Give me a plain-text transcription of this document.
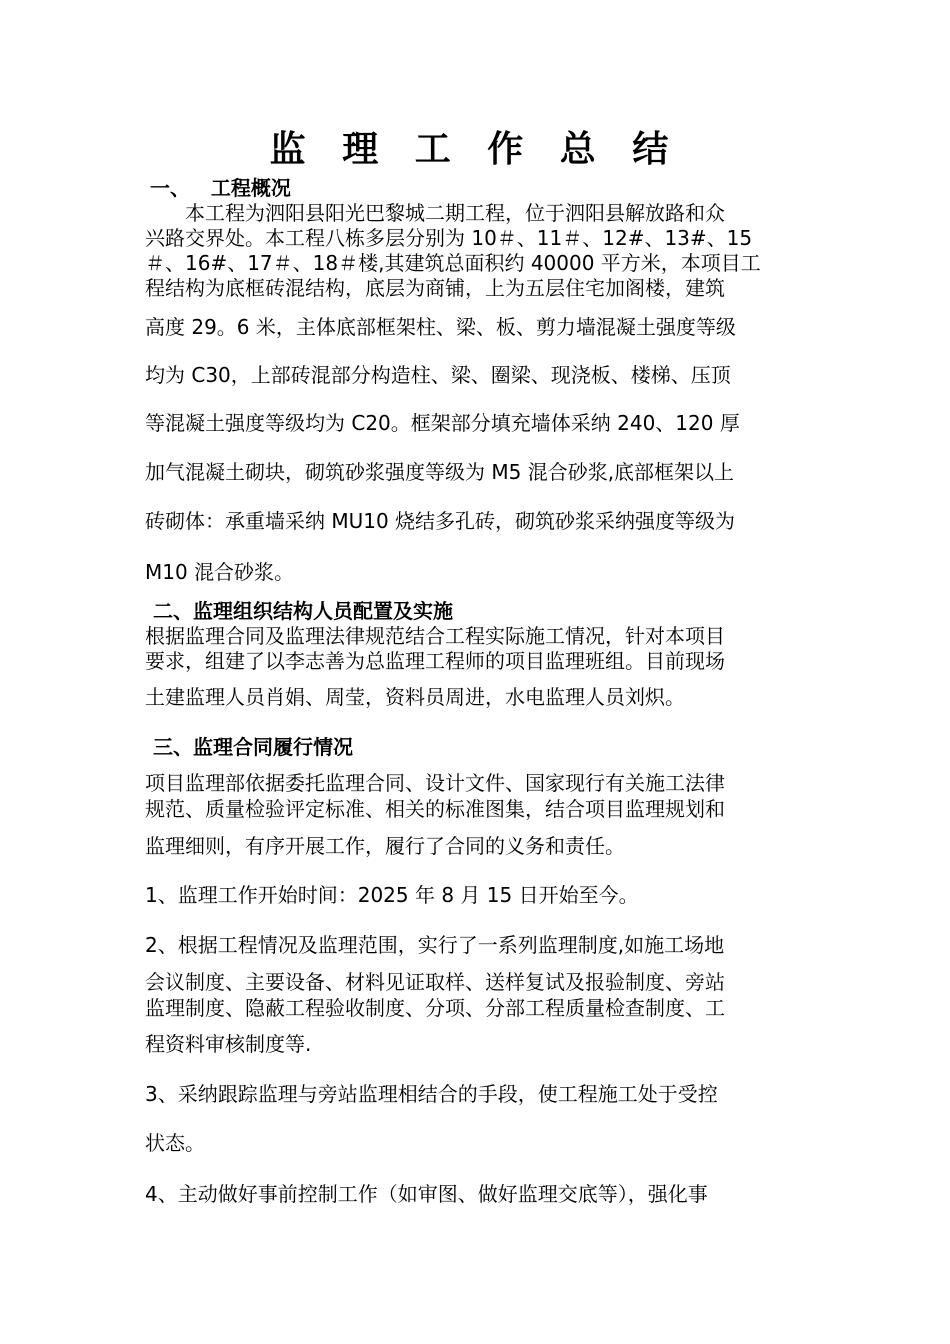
监 理 工 作 总 结
一、   工程概况
　　本工程为泗阳县阳光巴黎城二期工程，位于泗阳县解放路和众
兴路交界处。本工程八栋多层分别为 10＃、11＃、12#、13#、15
＃、16#、17＃、18＃楼,其建筑总面积约 40000 平方米，本项目工
程结构为底框砖混结构，底层为商铺，上为五层住宅加阁楼，建筑
高度 29。6 米，主体底部框架柱、梁、板、剪力墙混凝土强度等级
均为 C30，上部砖混部分构造柱、梁、圈梁、现浇板、楼梯、压顶
等混凝土强度等级均为 C20。框架部分填充墙体采纳 240、120 厚
加气混凝土砌块，砌筑砂浆强度等级为 M5 混合砂浆,底部框架以上
砖砌体：承重墙采纳 MU10 烧结多孔砖，砌筑砂浆采纳强度等级为
M10 混合砂浆。
二、监理组织结构人员配置及实施
根据监理合同及监理法律规范结合工程实际施工情况，针对本项目
要求，组建了以李志善为总监理工程师的项目监理班组。目前现场
土建监理人员肖娟、周莹，资料员周进，水电监理人员刘炽。
三、监理合同履行情况
项目监理部依据委托监理合同、设计文件、国家现行有关施工法律
规范、质量检验评定标准、相关的标准图集，结合项目监理规划和
监理细则，有序开展工作，履行了合同的义务和责任。
1、监理工作开始时间：2025 年 8 月 15 日开始至今。
2、根据工程情况及监理范围，实行了一系列监理制度,如施工场地
会议制度、主要设备、材料见证取样、送样复试及报验制度、旁站
监理制度、隐蔽工程验收制度、分项、分部工程质量检查制度、工
程资料审核制度等.
3、采纳跟踪监理与旁站监理相结合的手段，使工程施工处于受控
状态。
4、主动做好事前控制工作（如审图、做好监理交底等），强化事
